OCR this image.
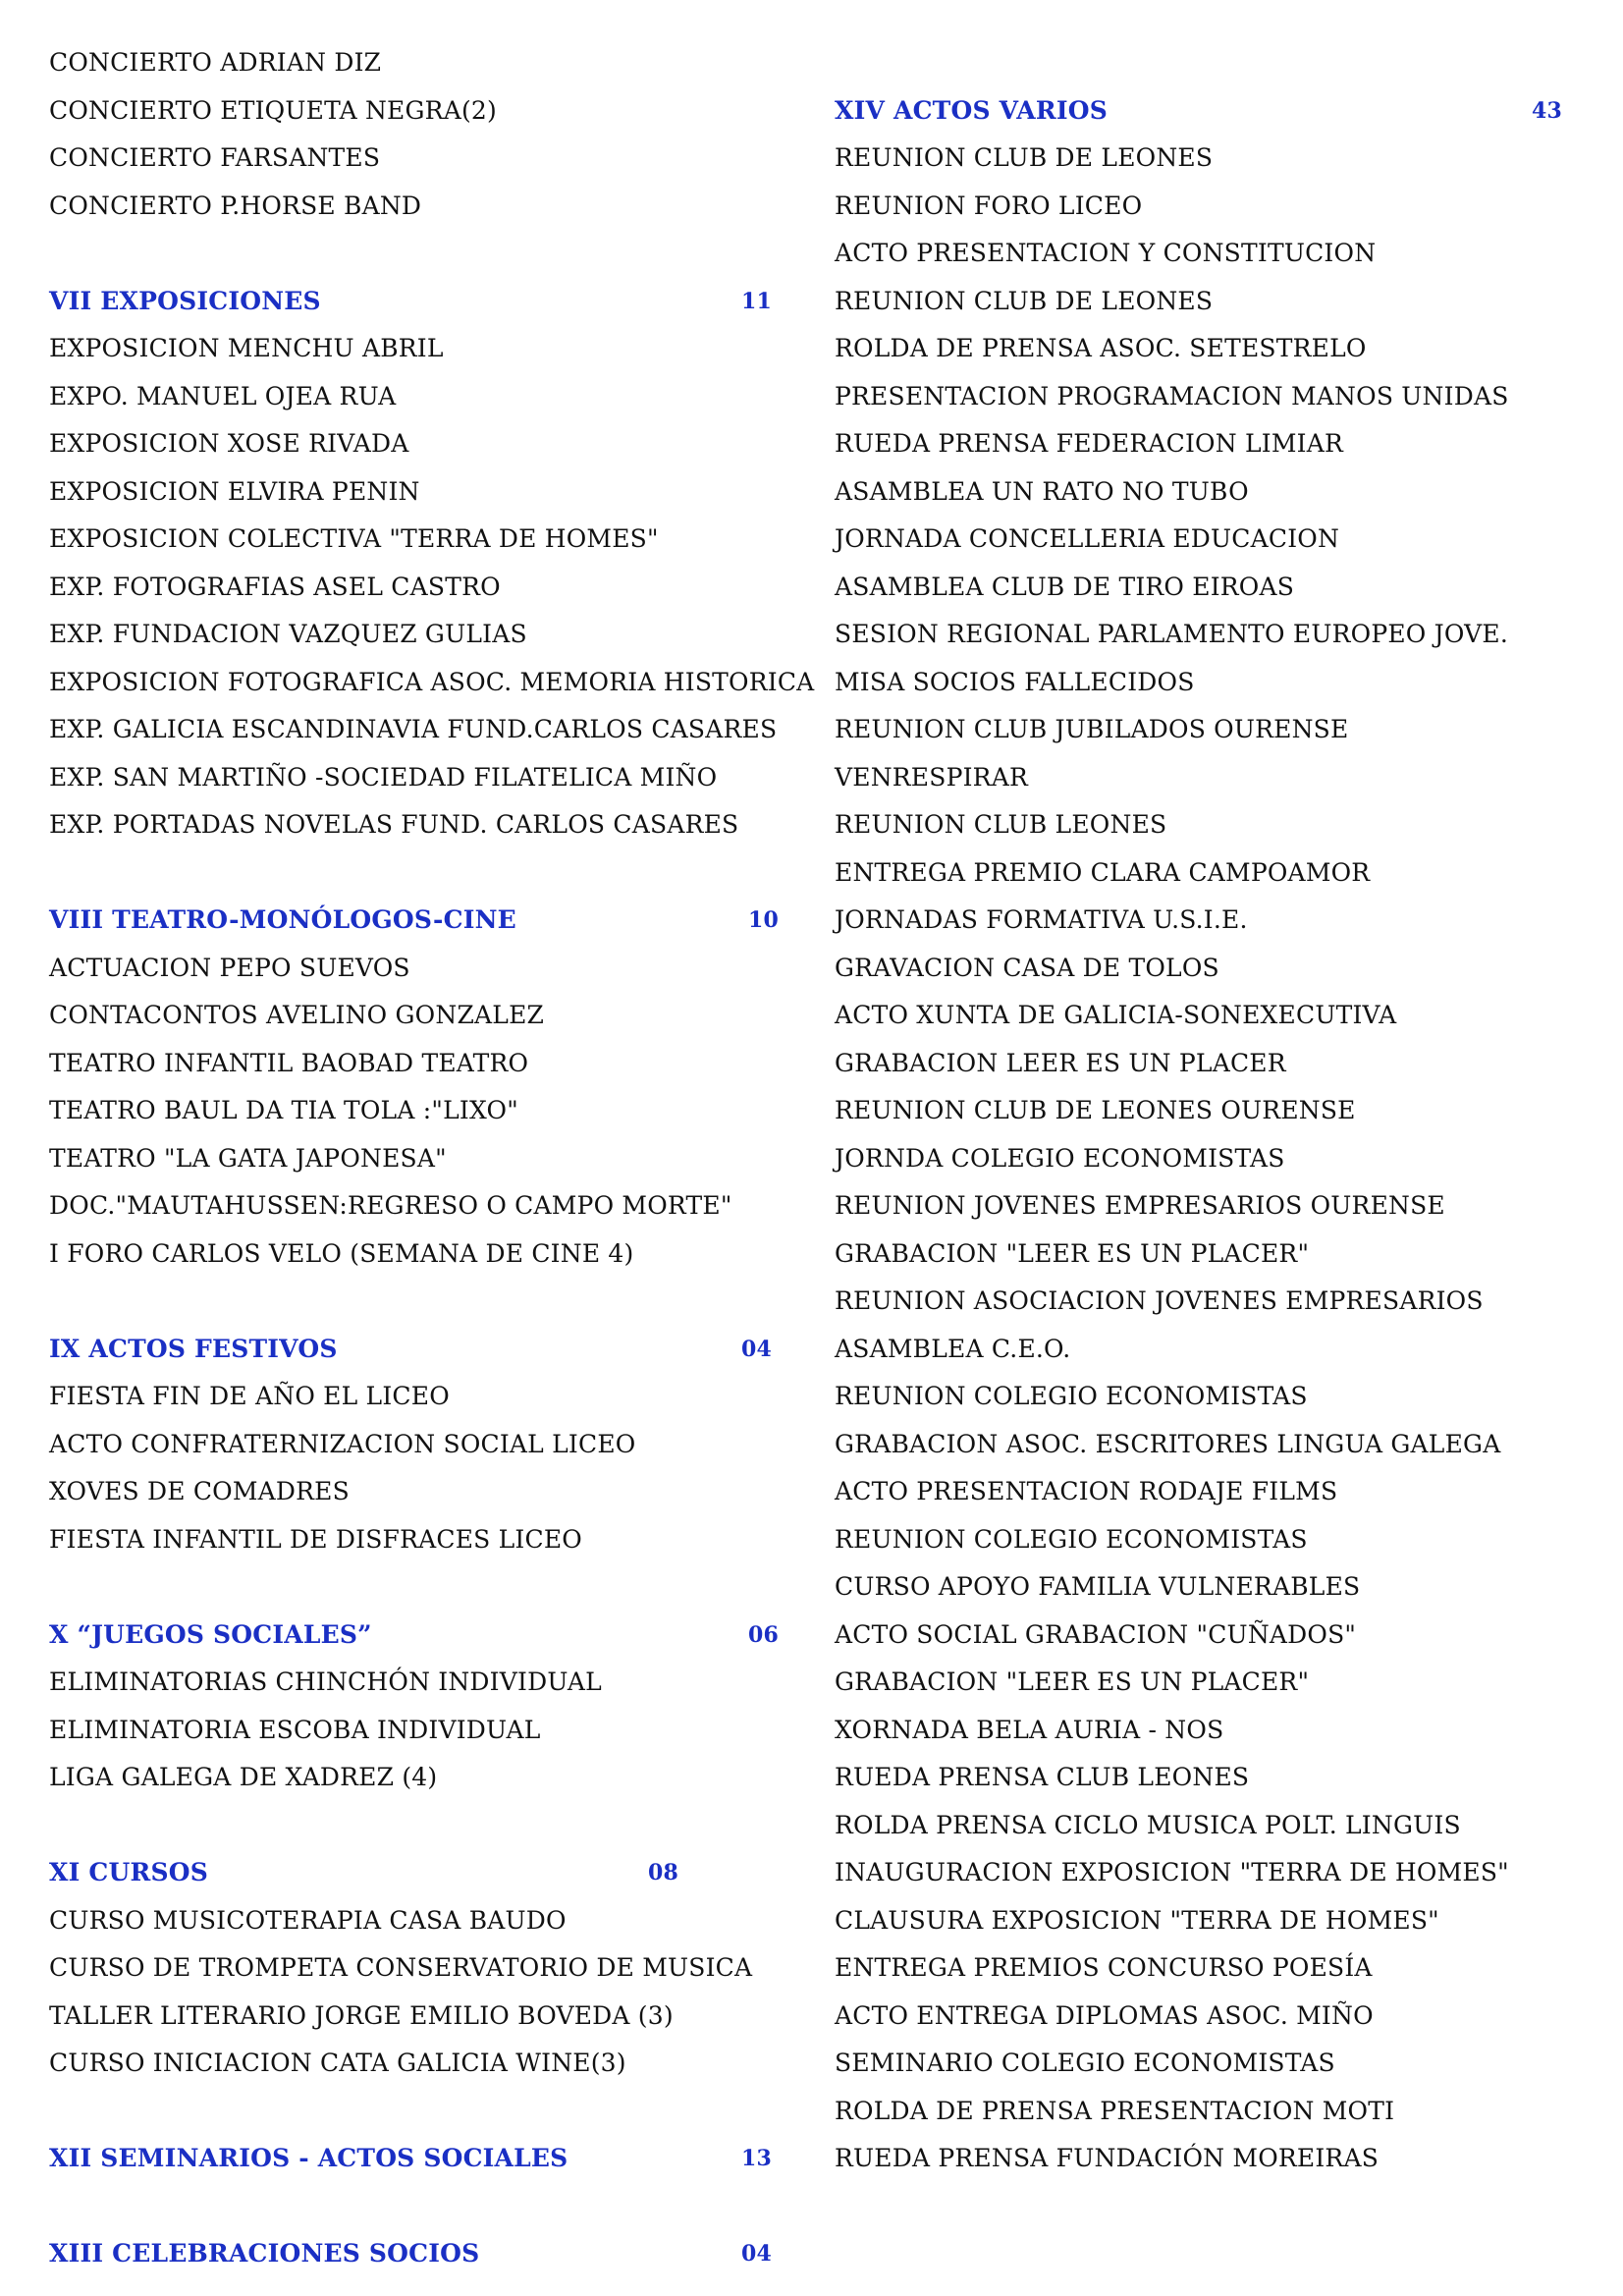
CONCIERTO ADRIAN DIZ
CONCIERTO ETIQUETA NEGRA(2)
CONCIERTO FARSANTES
CONCIERTO P.HORSE BAND
VII EXPOSICIONES	11
EXPOSICION MENCHU ABRIL
EXPO. MANUEL OJEA RUA
EXPOSICION XOSE RIVADA
EXPOSICION ELVIRA PENIN
EXPOSICION COLECTIVA "TERRA DE HOMES"
EXP. FOTOGRAFIAS ASEL CASTRO
EXP. FUNDACION VAZQUEZ GULIAS
EXPOSICION FOTOGRAFICA ASOC. MEMORIA HISTORICA
EXP. GALICIA ESCANDINAVIA FUND.CARLOS CASARES
EXP. SAN MARTIÑO -SOCIEDAD FILATELICA MIÑO
EXP. PORTADAS NOVELAS FUND. CARLOS CASARES
VIII TEATRO-MONÓLOGOS-CINE	10
ACTUACION PEPO SUEVOS
CONTACONTOS AVELINO GONZALEZ
TEATRO INFANTIL BAOBAD TEATRO
TEATRO BAUL DA TIA TOLA :"LIXO"
TEATRO "LA GATA JAPONESA"
DOC."MAUTAHUSSEN:REGRESO O CAMPO MORTE"
I FORO CARLOS VELO (SEMANA DE CINE 4)
IX ACTOS FESTIVOS	04
FIESTA FIN DE AÑO EL LICEO
ACTO CONFRATERNIZACION SOCIAL LICEO
XOVES DE COMADRES
FIESTA INFANTIL DE DISFRACES LICEO
X “JUEGOS SOCIALES”	06
ELIMINATORIAS CHINCHÓN INDIVIDUAL
ELIMINATORIA ESCOBA INDIVIDUAL
LIGA GALEGA DE XADREZ (4)
XI CURSOS	08
CURSO MUSICOTERAPIA CASA BAUDO
CURSO DE TROMPETA CONSERVATORIO DE MUSICA
TALLER LITERARIO JORGE EMILIO BOVEDA (3)
CURSO INICIACION CATA GALICIA WINE(3)
XII SEMINARIOS - ACTOS SOCIALES	13
XIII CELEBRACIONES SOCIOS	04
XIV ACTOS VARIOS	43
REUNION CLUB DE LEONES
REUNION FORO LICEO
ACTO PRESENTACION Y CONSTITUCION
REUNION CLUB DE LEONES
ROLDA DE PRENSA ASOC. SETESTRELO
PRESENTACION PROGRAMACION MANOS UNIDAS
RUEDA PRENSA FEDERACION LIMIAR
ASAMBLEA UN RATO NO TUBO
JORNADA CONCELLERIA EDUCACION
ASAMBLEA CLUB DE TIRO EIROAS
SESION REGIONAL PARLAMENTO EUROPEO JOVE.
MISA SOCIOS FALLECIDOS
REUNION CLUB JUBILADOS OURENSE
VENRESPIRAR
REUNION CLUB LEONES
ENTREGA PREMIO CLARA CAMPOAMOR
JORNADAS FORMATIVA U.S.I.E.
GRAVACION CASA DE TOLOS
ACTO XUNTA DE GALICIA-SONEXECUTIVA
GRABACION LEER ES UN PLACER
REUNION CLUB DE LEONES OURENSE
JORNDA COLEGIO ECONOMISTAS
REUNION JOVENES EMPRESARIOS OURENSE
GRABACION "LEER ES UN PLACER"
REUNION ASOCIACION JOVENES EMPRESARIOS
ASAMBLEA C.E.O.
REUNION COLEGIO ECONOMISTAS
GRABACION ASOC. ESCRITORES LINGUA GALEGA
ACTO PRESENTACION RODAJE FILMS
REUNION COLEGIO ECONOMISTAS
CURSO APOYO FAMILIA VULNERABLES
ACTO SOCIAL GRABACION "CUÑADOS"
GRABACION "LEER ES UN PLACER"
XORNADA BELA AURIA - NOS
RUEDA PRENSA CLUB LEONES
ROLDA PRENSA CICLO MUSICA POLT. LINGUIS
INAUGURACION EXPOSICION "TERRA DE HOMES"
CLAUSURA EXPOSICION "TERRA DE HOMES"
ENTREGA PREMIOS CONCURSO POESÍA
ACTO ENTREGA DIPLOMAS ASOC. MIÑO
SEMINARIO COLEGIO ECONOMISTAS
ROLDA DE PRENSA PRESENTACION MOTI
RUEDA PRENSA FUNDACIÓN MOREIRAS
